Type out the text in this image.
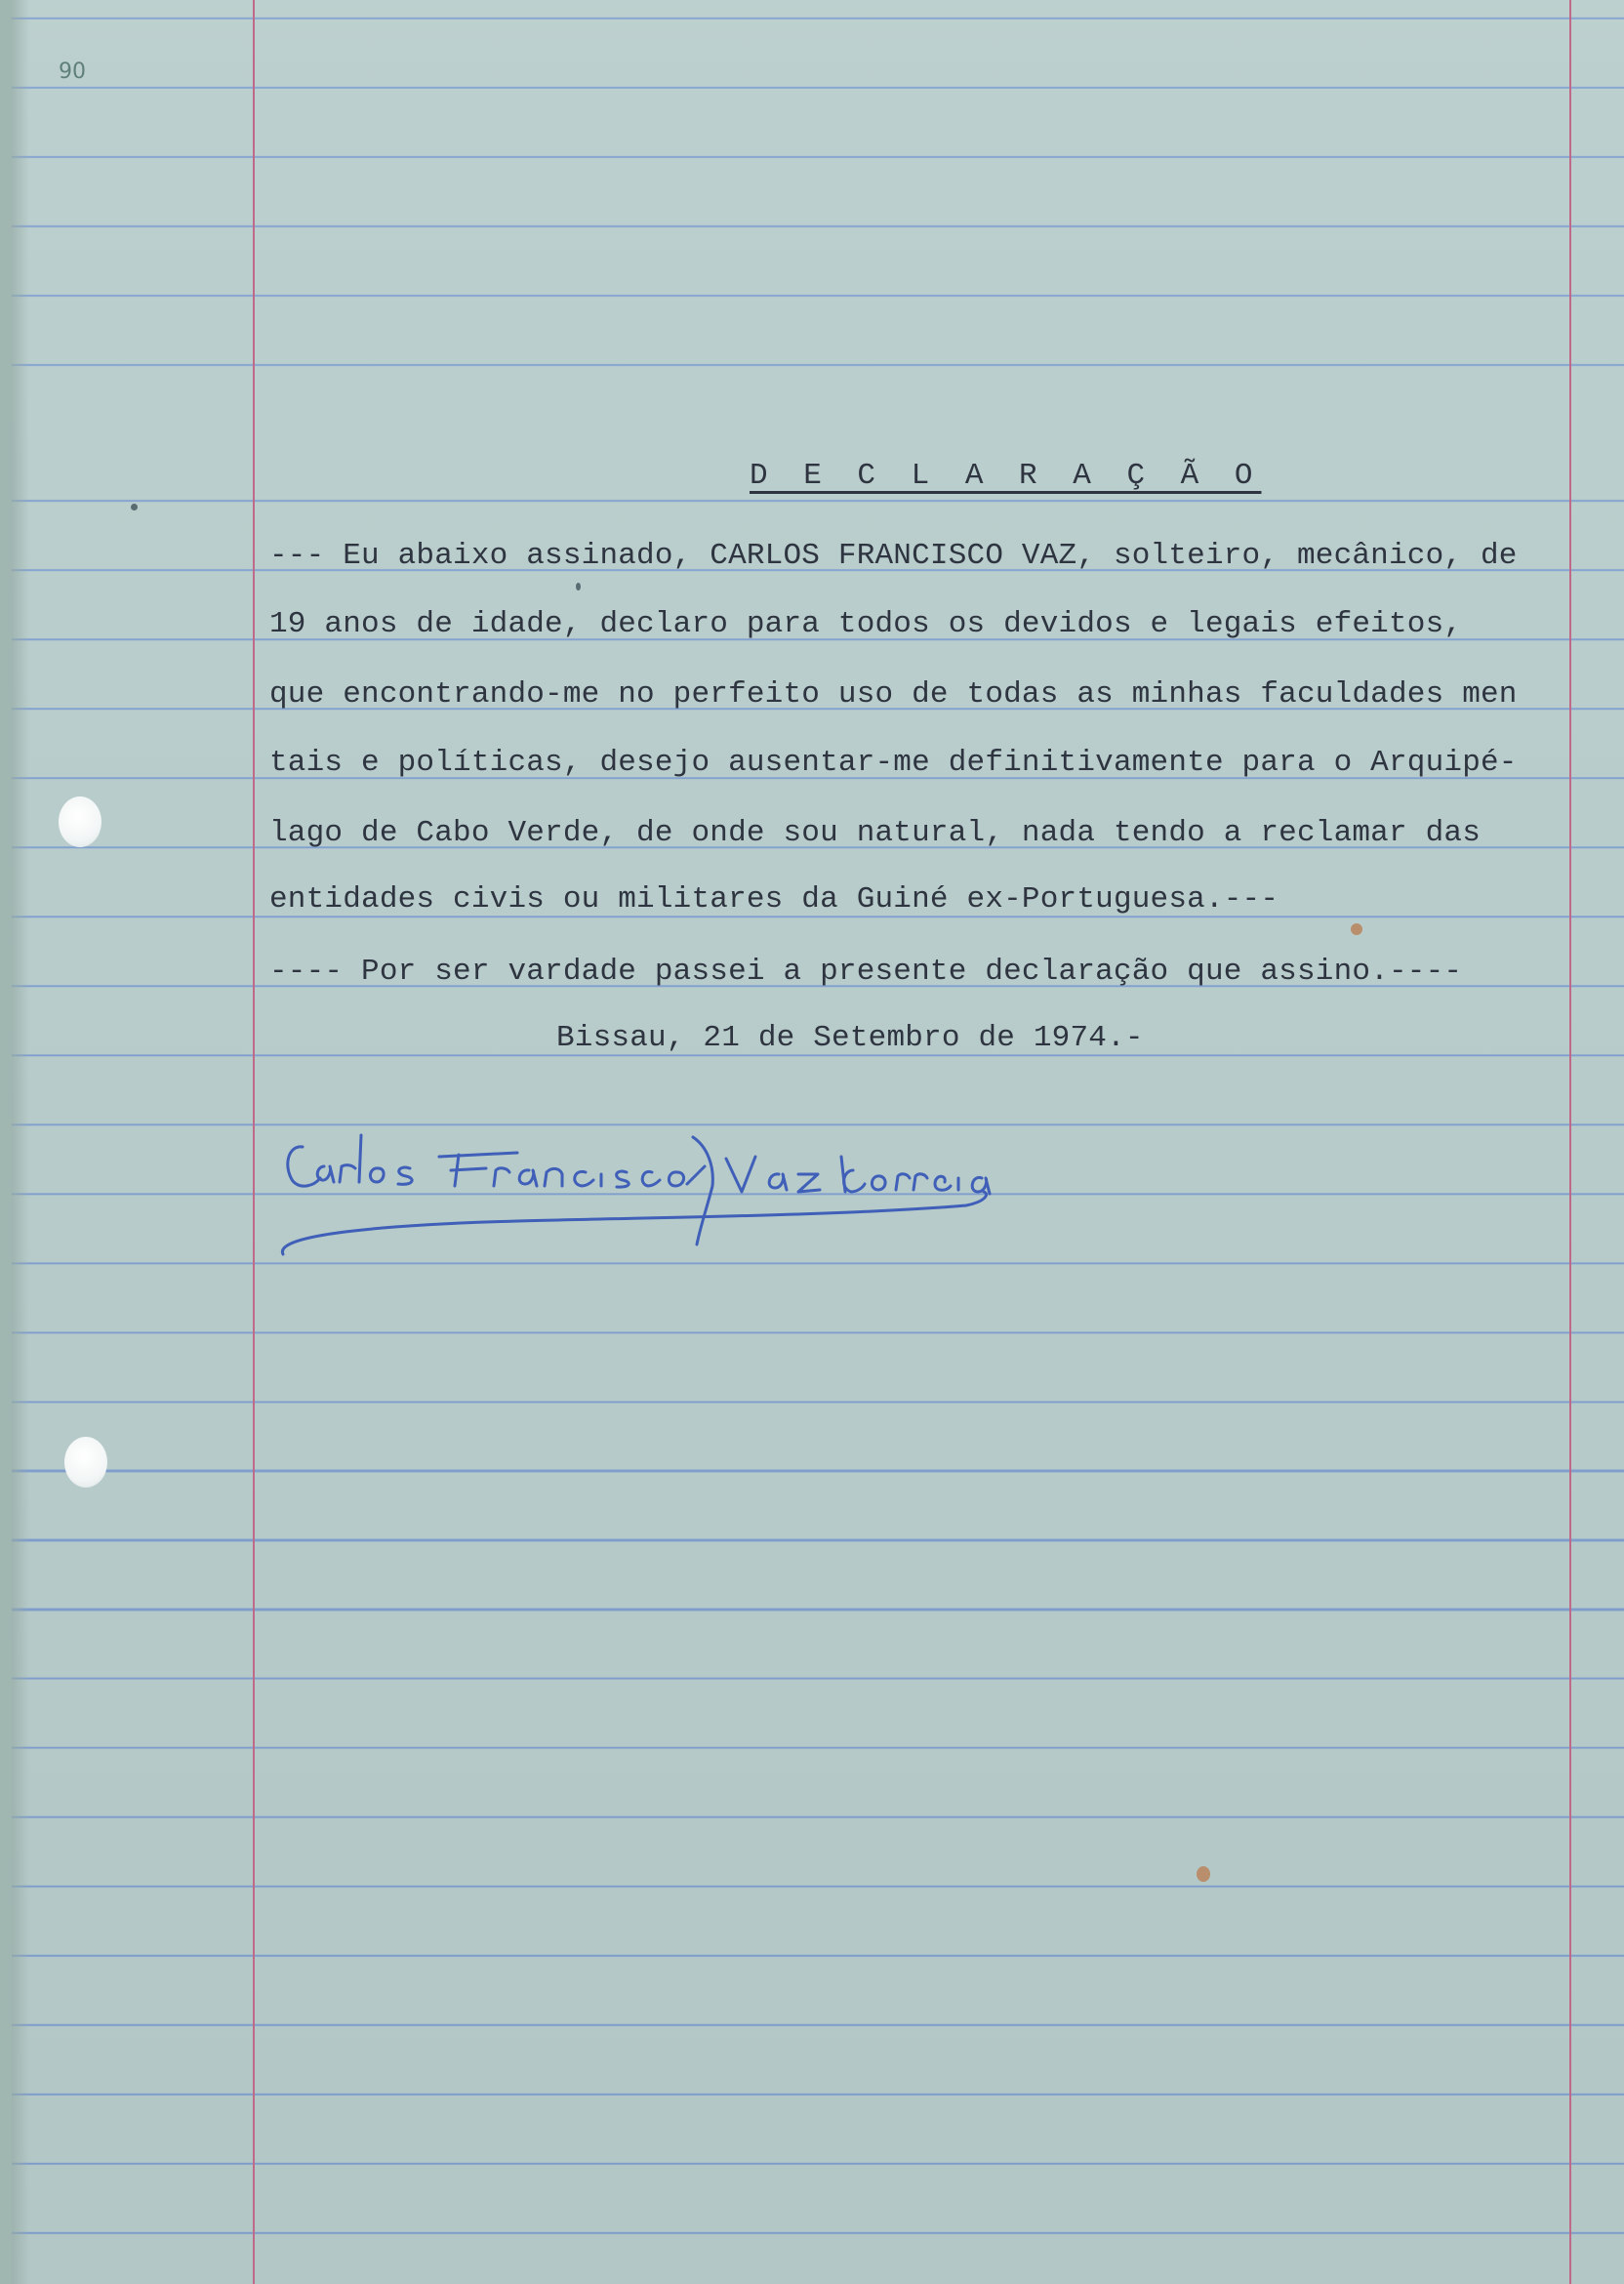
90
D E C L A R A Ç Ã O
--- Eu abaixo assinado, CARLOS FRANCISCO VAZ, solteiro, mecânico, de
19 anos de idade, declaro para todos os devidos e legais efeitos,
que encontrando-me no perfeito uso de todas as minhas faculdades men
tais e políticas, desejo ausentar-me definitivamente para o Arquipé-
lago de Cabo Verde, de onde sou natural, nada tendo a reclamar das
entidades civis ou militares da Guiné ex-Portuguesa.---
---- Por ser vardade passei a presente declaração que assino.----
Bissau, 21 de Setembro de 1974.-
